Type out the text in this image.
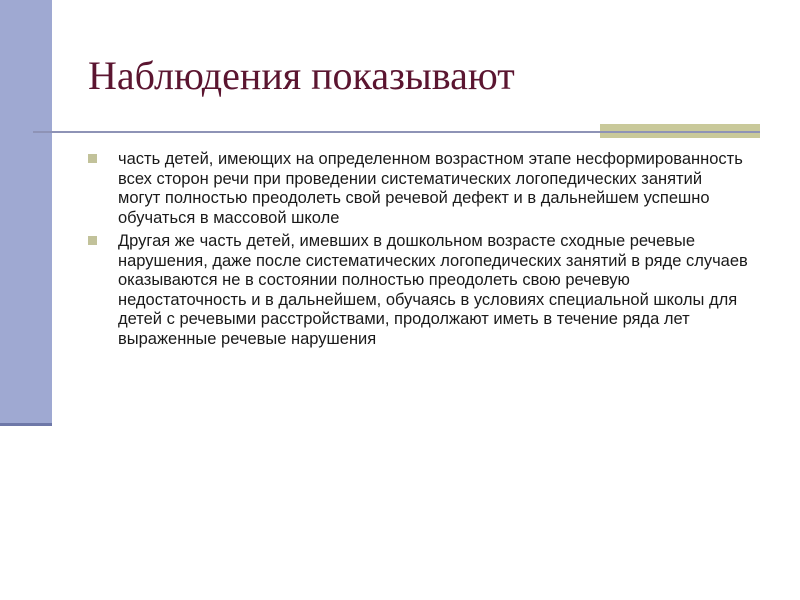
Наблюдения показывают
часть детей, имеющих на определенном возрастном этапе несформированность всех сторон речи при проведении систематических логопедических занятий могут полностью преодолеть свой речевой дефект и в дальнейшем успешно обучаться в массовой школе
Другая же часть детей, имевших в дошкольном возрасте сходные речевые нарушения, даже после систематических логопедических занятий в ряде случаев оказываются не в состоянии полностью преодолеть свою речевую недостаточность и в дальнейшем, обучаясь в условиях специальной школы для детей с речевыми расстройствами, продолжают иметь в течение ряда лет выраженные речевые нарушения
